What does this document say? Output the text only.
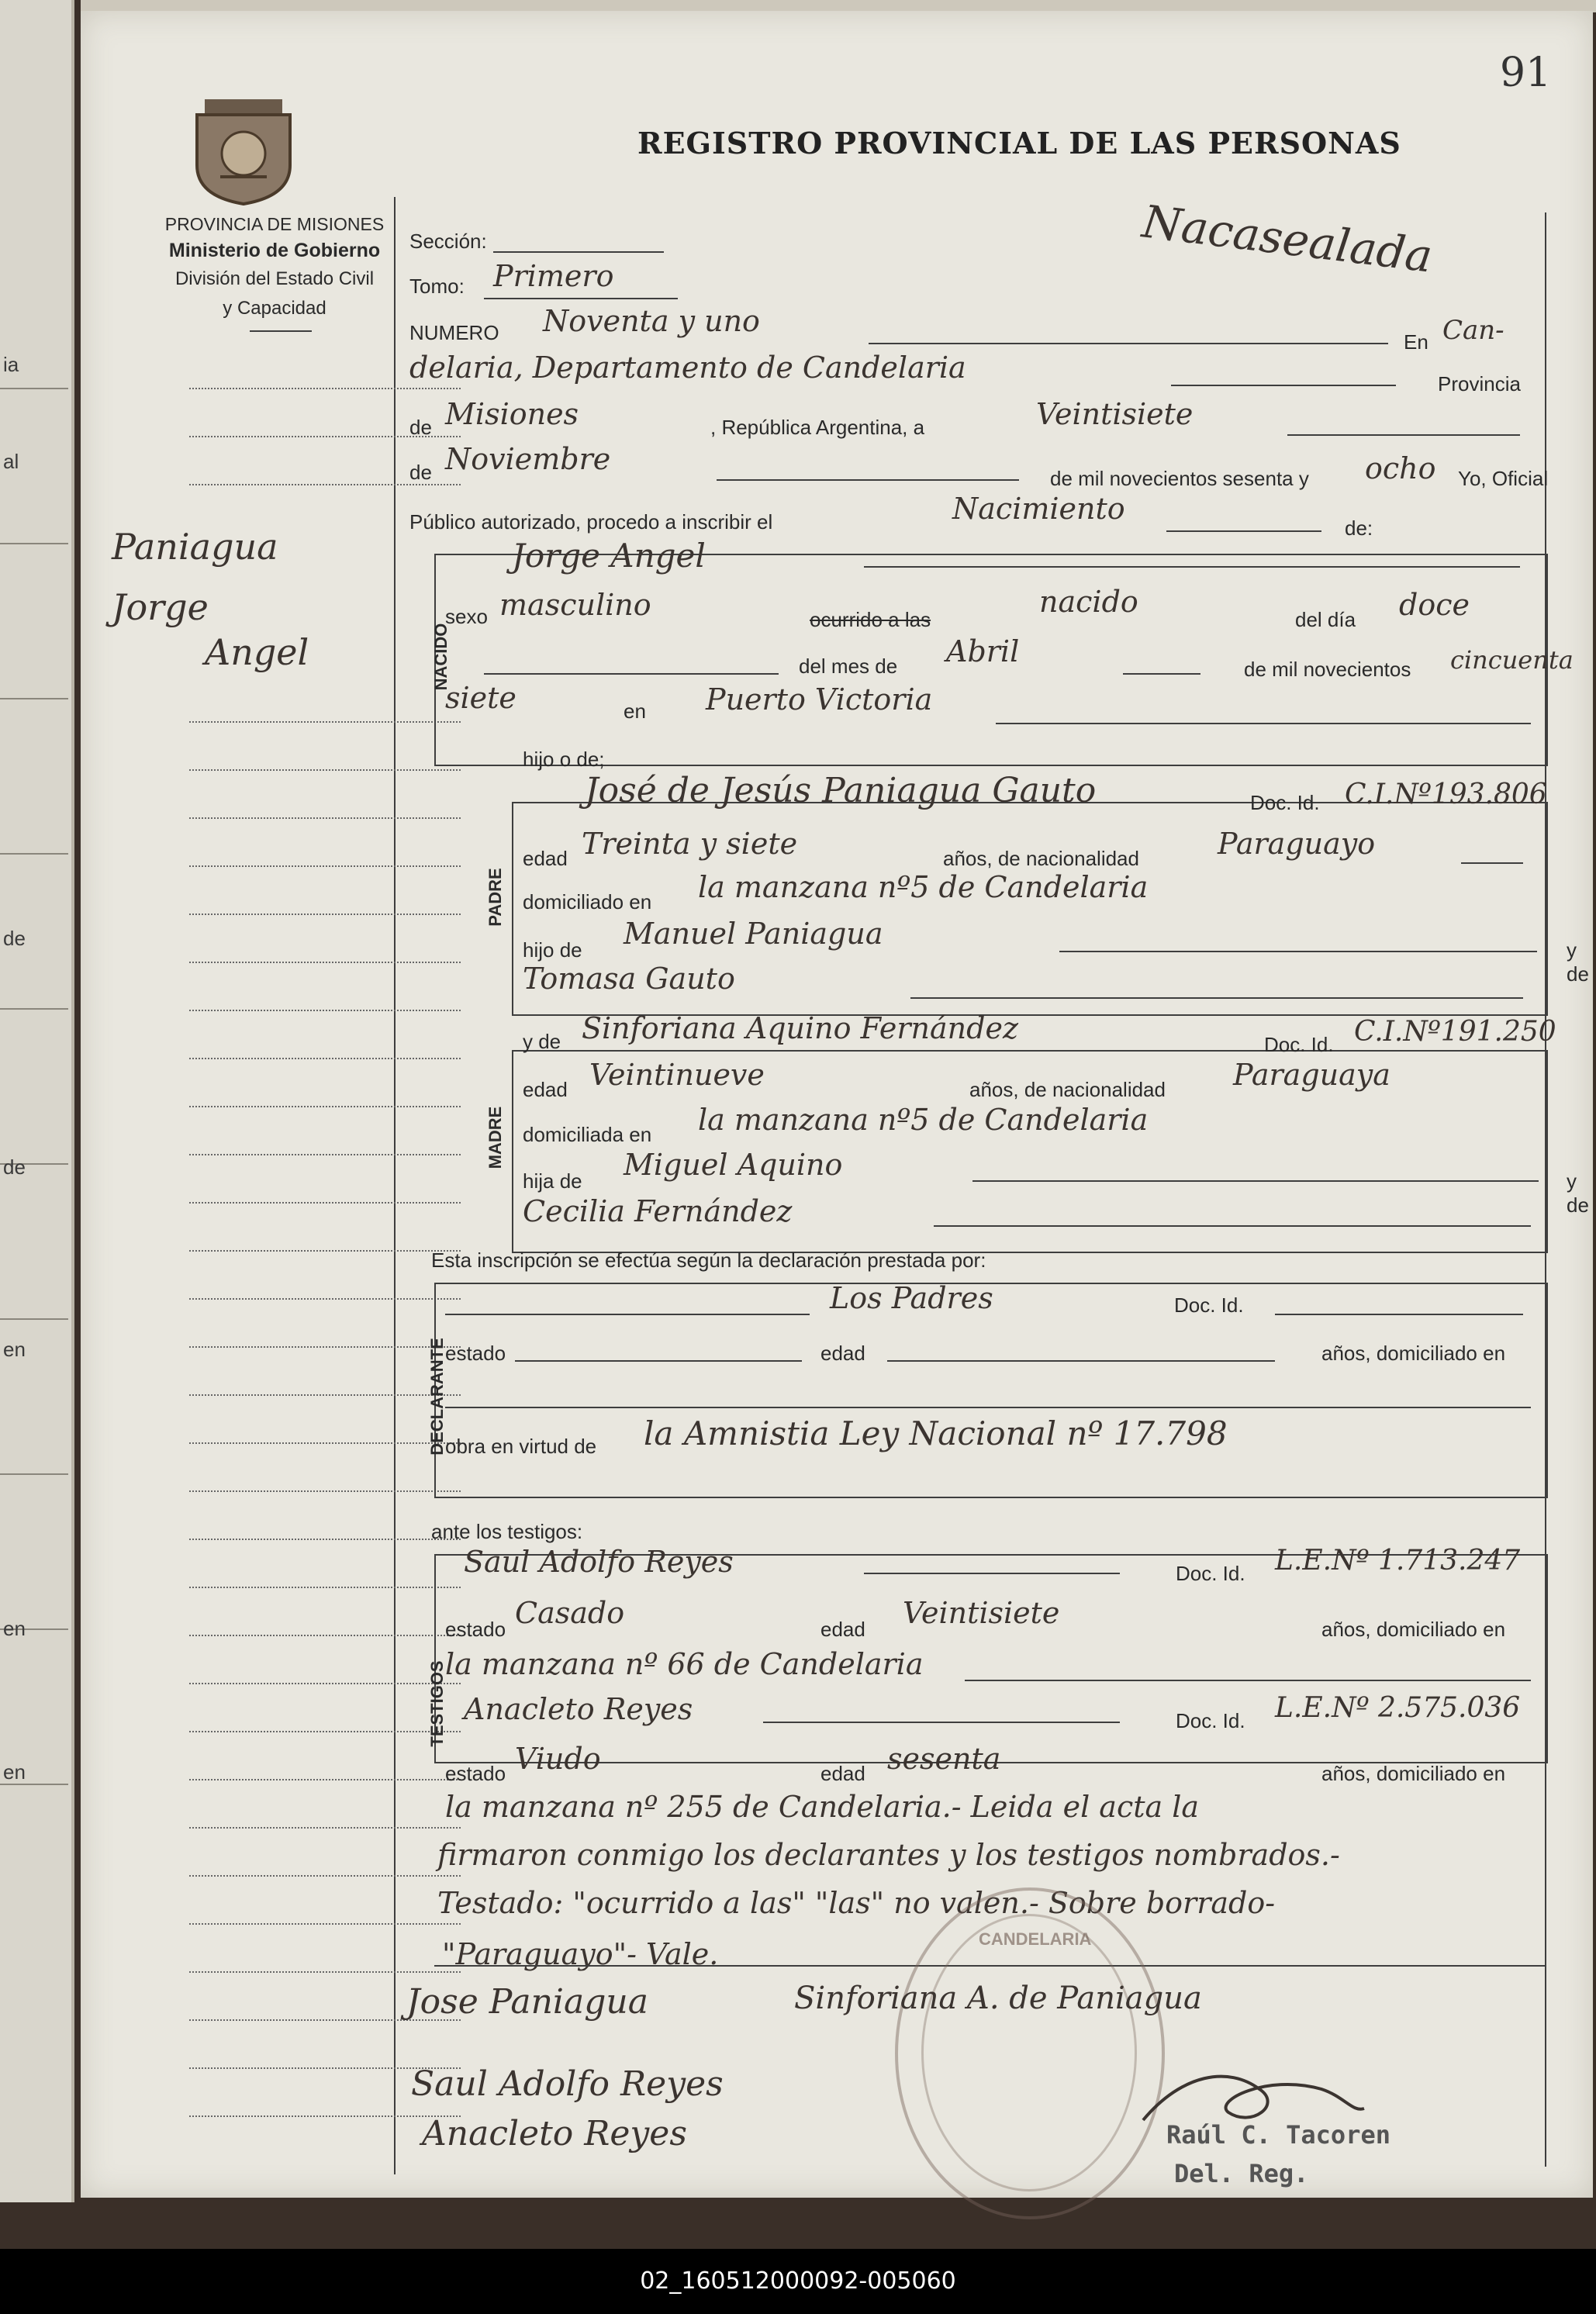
ia
al
de
de
en
en
en
91
PROVINCIA DE MISIONES
Ministerio de Gobierno
División del Estado Civil
y Capacidad
REGISTRO PROVINCIAL DE LAS PERSONAS
Nacasealada
Paniagua
Jorge
Angel
Sección:
Tomo: Primero
NUMERO Noventa y uno
En Can-
delaria, Departamento de Candelaria	Provincia
de Misiones	, República Argentina, a	Veintisiete
de Noviembre
de mil novecientos sesenta y ocho Yo, Oficial
Público autorizado, procedo a inscribir el	Nacimiento
de:
NACIDO
Jorge Angel
sexo masculino	ocurrido a las
nacido
del día doce
del mes de Abril
de mil novecientos cincuenta
siete	en Puerto Victoria
hijo o de;
PADRE
José de Jesús Paniagua Gauto	Doc. Id. C.I.Nº193.806
edad Treinta y siete	años, de nacionalidad	Paraguayo
domiciliado en la manzana nº5 de Candelaria
hijo de Manuel Paniagua	y de
Tomasa Gauto
MADRE
y de Sinforiana Aquino Fernández	Doc. Id. C.I.Nº191.250
edad Veintinueve	años, de nacionalidad Paraguaya
domiciliada en la manzana nº5 de Candelaria
hija de Miguel Aquino	y de
Cecilia Fernández
Esta inscripción se efectúa según la declaración prestada por:
DECLARANTE
Los Padres	Doc. Id.
estado	edad	años, domiciliado en
obra en virtud de la Amnistia Ley Nacional nº 17.798
ante los testigos:
TESTIGOS
Saul Adolfo Reyes	Doc. Id. L.E.Nº 1.713.247
estado Casado	edad Veintisiete	años, domiciliado en
la manzana nº 66 de Candelaria
Anacleto Reyes	Doc. Id. L.E.Nº 2.575.036
estado Viudo	edad sesenta	años, domiciliado en
la manzana nº 255 de Candelaria.- Leida el acta la
firmaron conmigo los declarantes y los testigos nombrados.-
Testado: "ocurrido a las" "las" no valen.- Sobre borrado-
"Paraguayo"- Vale.	CANDELARIA
Jose Paniagua	Sinforiana A. de Paniagua
Saul Adolfo Reyes
Anacleto Reyes	Raúl C. Tacoren
Del. Reg.
02_160512000092-005060
